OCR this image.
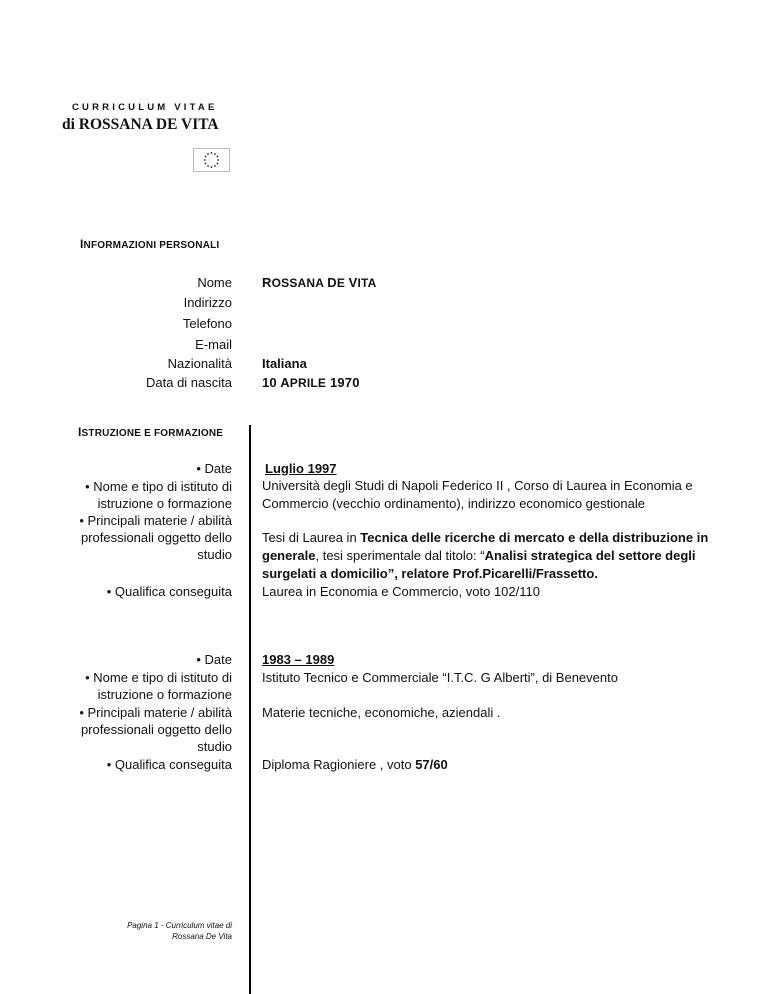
CURRICULUM VITAE
di ROSSANA DE VITA
INFORMAZIONI PERSONALI
Nome
Indirizzo
Telefono
E-mail
Nazionalità
Data di nascita
ROSSANA DE VITA
Italiana
10 APRILE 1970
ISTRUZIONE E FORMAZIONE
• Date
• Nome e tipo di istituto di
istruzione o formazione
• Principali materie / abilità
professionali oggetto dello
studio
• Qualifica conseguita
Luglio 1997
Università degli Studi di Napoli Federico II , Corso di Laurea in Economia e Commercio (vecchio ordinamento), indirizzo economico gestionale
Tesi di Laurea in Tecnica delle ricerche di mercato e della distribuzione in generale, tesi sperimentale dal titolo: “Analisi strategica del settore degli surgelati a domicilio”, relatore Prof.Picarelli/Frassetto.
Laurea in Economia e Commercio, voto 102/110
• Date
• Nome e tipo di istituto di
istruzione o formazione
• Principali materie / abilità
professionali oggetto dello
studio
• Qualifica conseguita
1983 – 1989
Istituto Tecnico e Commerciale “I.T.C. G Alberti”, di Benevento
Materie tecniche, economiche, aziendali .
Diploma Ragioniere , voto 57/60
Pagina 1 - Curriculum vitae di
Rossana De Vita
